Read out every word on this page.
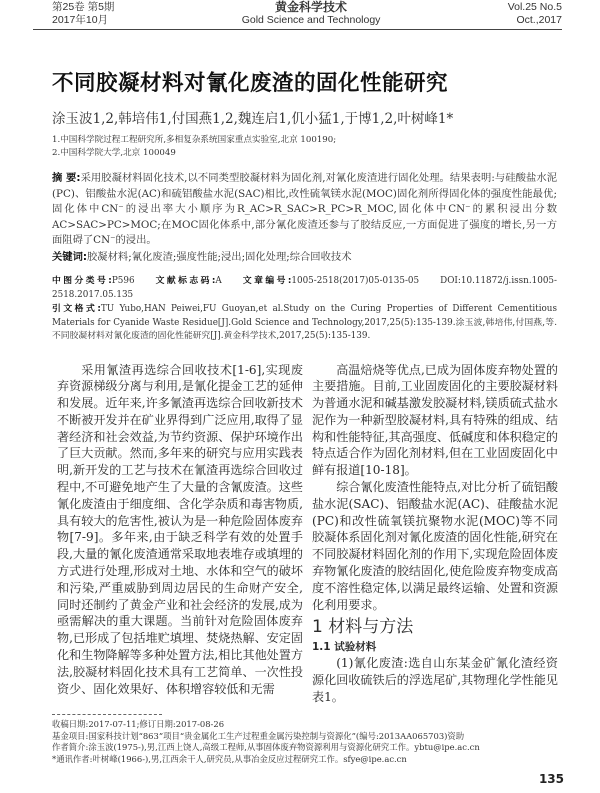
第25卷 第5期
2017年10月
黄金科学技术
Gold Science and Technology
Vol.25 No.5
Oct.,2017
不同胶凝材料对氰化废渣的固化性能研究
涂玉波1,2,韩培伟1,付国燕1,2,魏连启1,仉小猛1,于博1,2,叶树峰1*
1.中国科学院过程工程研究所,多相复杂系统国家重点实验室,北京 100190;
2.中国科学院大学,北京 100049
摘 要:采用胶凝材料固化技术,以不同类型胶凝材料为固化剂,对氰化废渣进行固化处理。结果表明:与硅酸盐水泥(PC)、铝酸盐水泥(AC)和硫铝酸盐水泥(SAC)相比,改性硫氧镁水泥(MOC)固化剂所得固化体的强度性能最优;固化体中CN⁻的浸出率大小顺序为R_AC>R_SAC>R_PC>R_MOC,固化体中CN⁻的累积浸出分数AC>SAC>PC>MOC;在MOC固化体系中,部分氰化废渣还参与了胶结反应,一方面促进了强度的增长,另一方面阻碍了CN⁻的浸出。
关键词:胶凝材料;氰化废渣;强度性能;浸出;固化处理;综合回收技术
中图分类号:P596 文献标志码:A 文章编号:1005-2518(2017)05-0135-05 DOI:10.11872/j.issn.1005-2518.2017.05.135
引文格式:TU Yubo,HAN Peiwei,FU Guoyan,et al.Study on the Curing Properties of Different Cementitious Materials for Cyanide Waste Residue[J].Gold Science and Technology,2017,25(5):135-139.涂玉波,韩培伟,付国燕,等.不同胶凝材料对氰化废渣的固化性能研究[J].黄金科学技术,2017,25(5):135-139.

采用氰渣再选综合回收技术[1-6],实现废弃资源梯级分离与利用,是氰化提金工艺的延伸和发展。近年来,许多氰渣再选综合回收新技术不断被开发并在矿业界得到广泛应用,取得了显著经济和社会效益,为节约资源、保护环境作出了巨大贡献。然而,多年来的研究与应用实践表明,新开发的工艺与技术在氰渣再选综合回收过程中,不可避免地产生了大量的含氰废渣。这些氰化废渣由于细度细、含化学杂质和毒害物质,具有较大的危害性,被认为是一种危险固体废弃物[7-9]。多年来,由于缺乏科学有效的处置手段,大量的氰化废渣通常采取地表堆存或填埋的方式进行处理,形成对土地、水体和空气的破坏和污染,严重威胁到周边居民的生命财产安全,同时还制约了黄金产业和社会经济的发展,成为亟需解决的重大课题。当前针对危险固体废弃物,已形成了包括堆贮填埋、焚烧热解、安定固化和生物降解等多种处置方法,相比其他处置方法,胶凝材料固化技术具有工艺简单、一次性投资少、固化效果好、体积增容较低和无需

高温焙烧等优点,已成为固体废弃物处置的主要措施。目前,工业固废固化的主要胶凝材料为普通水泥和碱基激发胶凝材料,镁质硫式盐水泥作为一种新型胶凝材料,具有特殊的组成、结构和性能特征,其高强度、低碱度和体积稳定的特点适合作为固化剂材料,但在工业固废固化中鲜有报道[10-18]。

综合氰化废渣性能特点,对比分析了硫铝酸盐水泥(SAC)、铝酸盐水泥(AC)、硅酸盐水泥(PC)和改性硫氧镁抗聚物水泥(MOC)等不同胶凝体系固化剂对氰化废渣的固化性能,研究在不同胶凝材料固化剂的作用下,实现危险固体废弃物氰化废渣的胶结固化,使危险废弃物变成高度不溶性稳定体,以满足最终运输、处置和资源化利用要求。

1 材料与方法

1.1 试验材料

(1)氰化废渣:选自山东某金矿氰化渣经资源化回收硫铁后的浮选尾矿,其物理化学性能见表1。

收稿日期:2017-07-11;修订日期:2017-08-26
基金项目:国家科技计划“863”项目“贵金属化工生产过程重金属污染控制与资源化”(编号:2013AA065703)资助
作者简介:涂玉波(1975-),男,江西上饶人,高级工程师,从事固体废弃物资源利用与资源化研究工作。ybtu@ipe.ac.cn
*通讯作者:叶树峰(1966-),男,江西余干人,研究员,从事冶金反应过程研究工作。sfye@ipe.ac.cn
135
